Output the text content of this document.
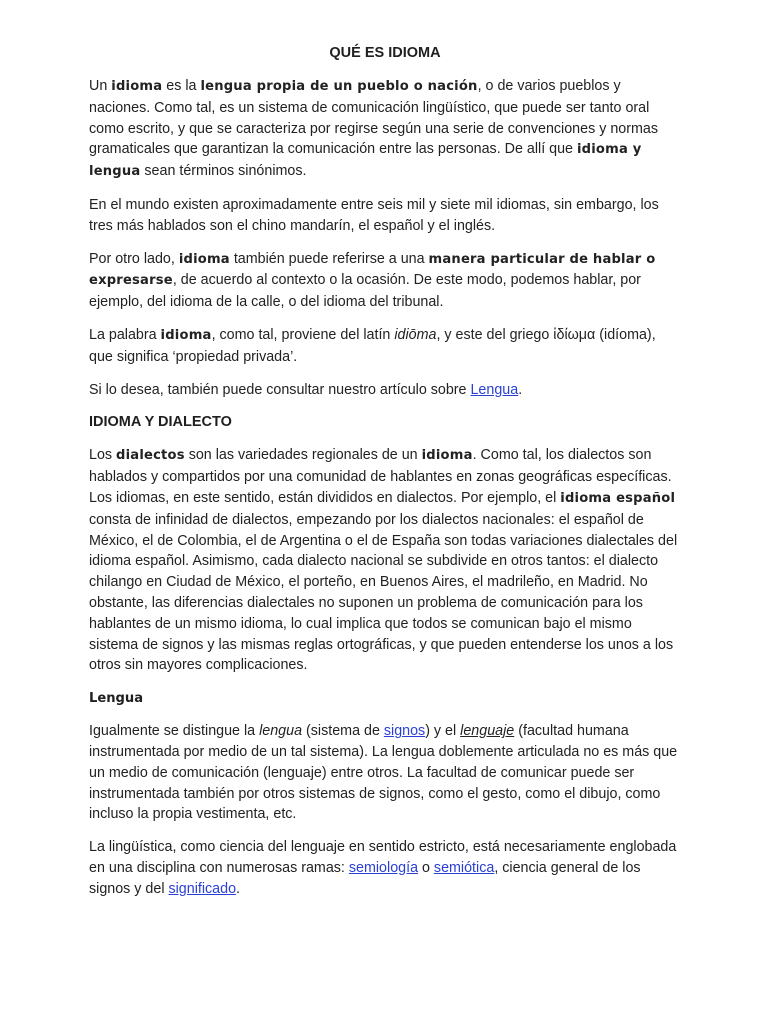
QUÉ ES IDIOMA

Un idioma es la lengua propia de un pueblo o nación, o de varios pueblos y naciones. Como tal, es un sistema de comunicación lingüístico, que puede ser tanto oral como escrito, y que se caracteriza por regirse según una serie de convenciones y normas gramaticales que garantizan la comunicación entre las personas. De allí que idioma y lengua sean términos sinónimos.

En el mundo existen aproximadamente entre seis mil y siete mil idiomas, sin embargo, los tres más hablados son el chino mandarín, el español y el inglés.

Por otro lado, idioma también puede referirse a una manera particular de hablar o expresarse, de acuerdo al contexto o la ocasión. De este modo, podemos hablar, por ejemplo, del idioma de la calle, o del idioma del tribunal.

La palabra idioma, como tal, proviene del latín idiōma, y este del griego ἰδίωμα (idíoma), que significa ‘propiedad privada’.

Si lo desea, también puede consultar nuestro artículo sobre Lengua.

IDIOMA Y DIALECTO

Los dialectos son las variedades regionales de un idioma. Como tal, los dialectos son hablados y compartidos por una comunidad de hablantes en zonas geográficas específicas. Los idiomas, en este sentido, están divididos en dialectos. Por ejemplo, el idioma español consta de infinidad de dialectos, empezando por los dialectos nacionales: el español de México, el de Colombia, el de Argentina o el de España son todas variaciones dialectales del idioma español. Asimismo, cada dialecto nacional se subdivide en otros tantos: el dialecto chilango en Ciudad de México, el porteño, en Buenos Aires, el madrileño, en Madrid. No obstante, las diferencias dialectales no suponen un problema de comunicación para los hablantes de un mismo idioma, lo cual implica que todos se comunican bajo el mismo sistema de signos y las mismas reglas ortográficas, y que pueden entenderse los unos a los otros sin mayores complicaciones.

Lengua

Igualmente se distingue la lengua (sistema de signos) y el lenguaje (facultad humana instrumentada por medio de un tal sistema). La lengua doblemente articulada no es más que un medio de comunicación (lenguaje) entre otros. La facultad de comunicar puede ser instrumentada también por otros sistemas de signos, como el gesto, como el dibujo, como incluso la propia vestimenta, etc.

La lingüística, como ciencia del lenguaje en sentido estricto, está necesariamente englobada en una disciplina con numerosas ramas: semiología o semiótica, ciencia general de los signos y del significado.
